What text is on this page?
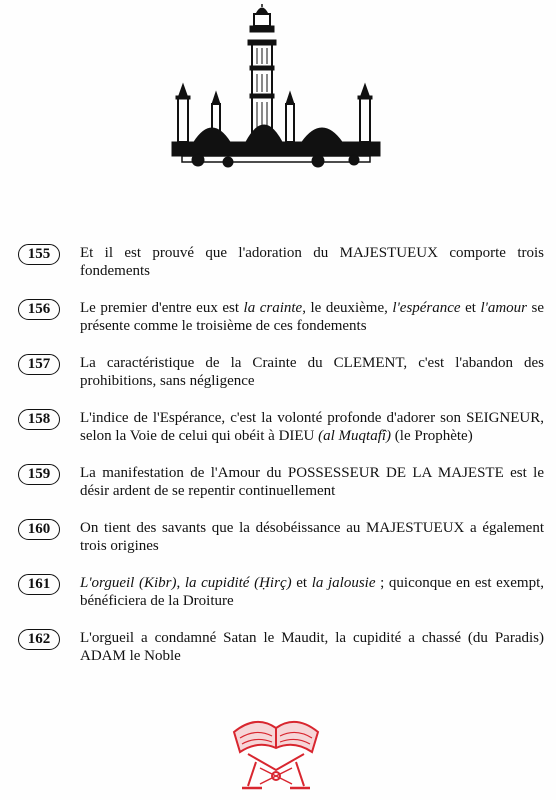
155	Et il est prouvé que l'adoration du MAJESTUEUX comporte trois fondements
156	Le premier d'entre eux est la crainte, le deuxième, l'espérance et l'amour se présente comme le troisième de ces fondements
157	La caractéristique de la Crainte du CLEMENT, c'est l'abandon des prohibitions, sans négligence
158	L'indice de l'Espérance, c'est la volonté profonde d'adorer son SEIGNEUR, selon la Voie de celui qui obéit à DIEU (al Muqtafî) (le Prophète)
159	La manifestation de l'Amour du POSSESSEUR DE LA MAJESTE est le désir ardent de se repentir continuellement
160	On tient des savants que la désobéissance au MAJESTUEUX a également trois origines
161	L'orgueil (Kibr), la cupidité (Ḥirç) et la jalousie ; quiconque en est exempt, bénéficiera de la Droiture
162	L'orgueil a condamné Satan le Maudit, la cupidité a chassé (du Paradis) ADAM le Noble
